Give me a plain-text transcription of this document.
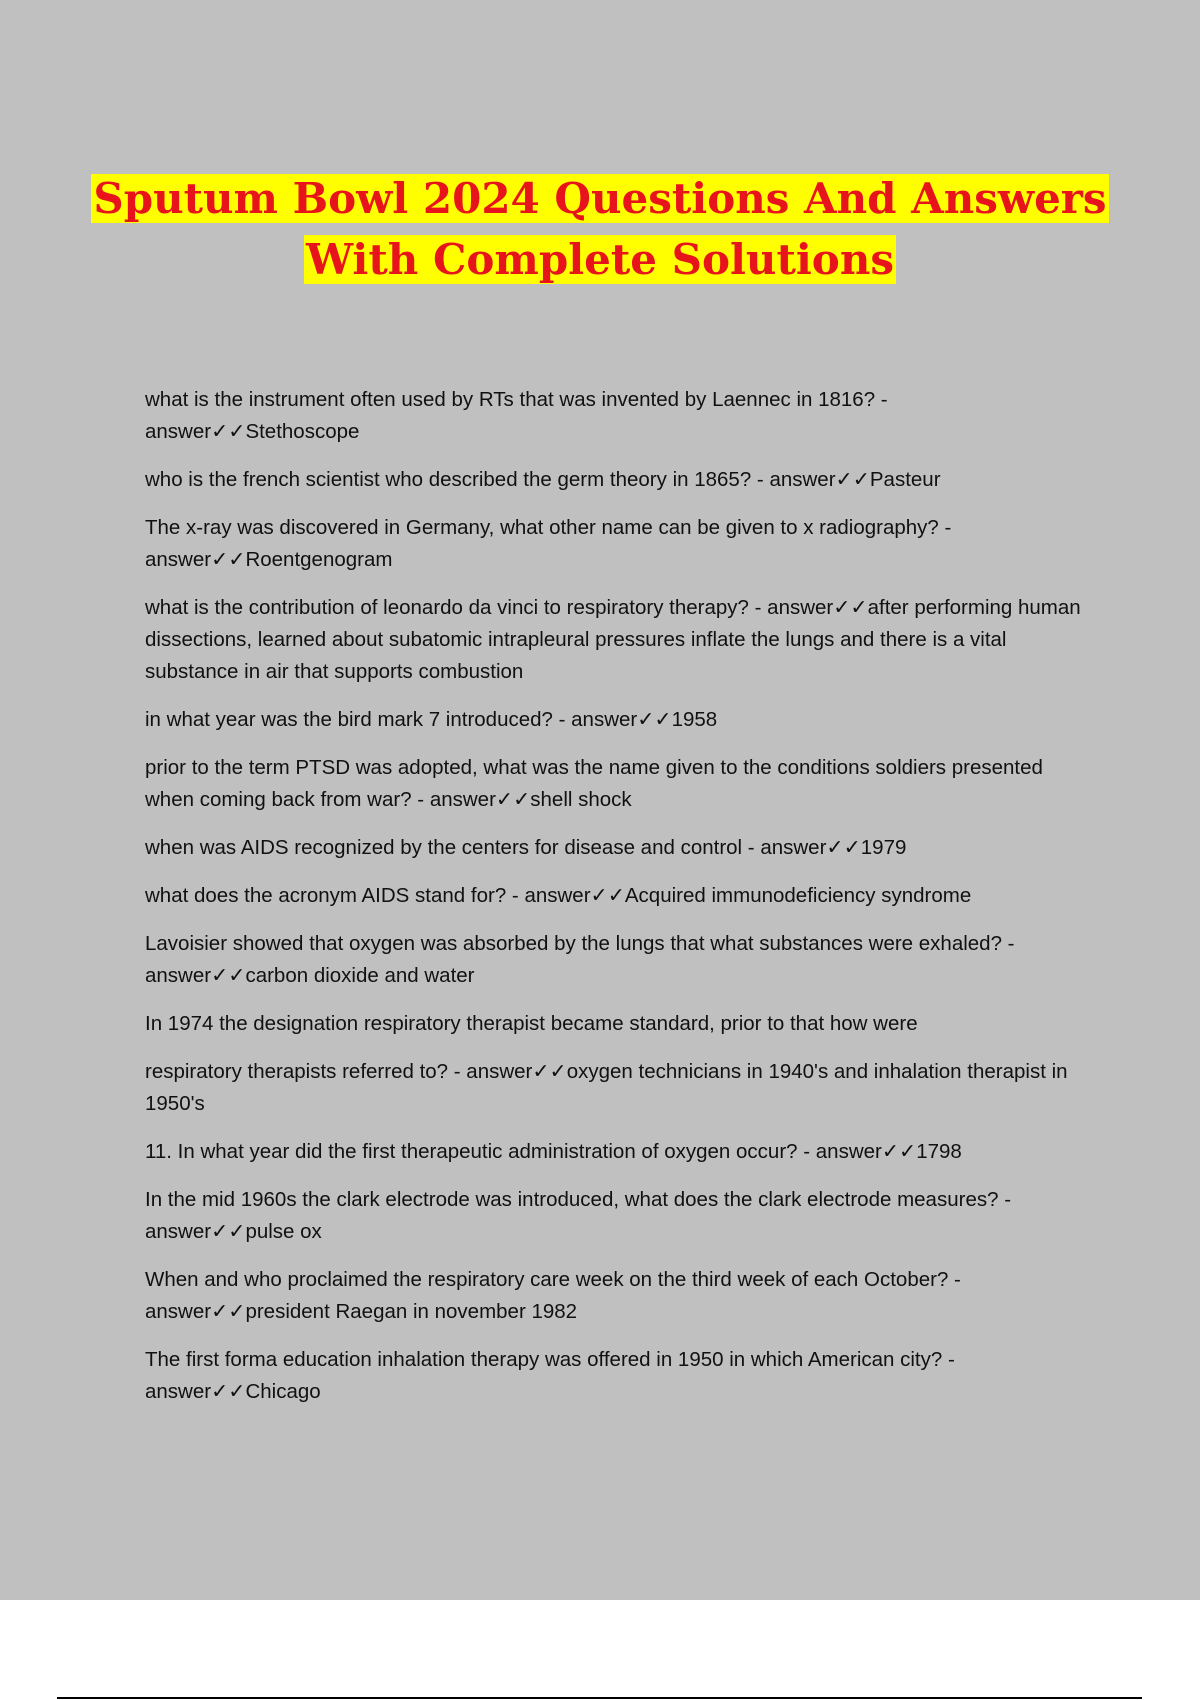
Sputum Bowl 2024 Questions And Answers
With Complete Solutions

what is the instrument often used by RTs that was invented by Laennec in 1816? - answer✓✓Stethoscope

who is the french scientist who described the germ theory in 1865? - answer✓✓Pasteur

The x-ray was discovered in Germany, what other name can be given to x radiography? - answer✓✓Roentgenogram

what is the contribution of leonardo da vinci to respiratory therapy? - answer✓✓after performing human dissections, learned about subatomic intrapleural pressures inflate the lungs and there is a vital substance in air that supports combustion

in what year was the bird mark 7 introduced? - answer✓✓1958

prior to the term PTSD was adopted, what was the name given to the conditions soldiers presented when coming back from war? - answer✓✓shell shock

when was AIDS recognized by the centers for disease and control - answer✓✓1979

what does the acronym AIDS stand for? - answer✓✓Acquired immunodeficiency syndrome

Lavoisier showed that oxygen was absorbed by the lungs that what substances were exhaled? - answer✓✓carbon dioxide and water

In 1974 the designation respiratory therapist became standard, prior to that how were

respiratory therapists referred to? - answer✓✓oxygen technicians in 1940's and inhalation therapist in 1950's

11. In what year did the first therapeutic administration of oxygen occur? - answer✓✓1798

In the mid 1960s the clark electrode was introduced, what does the clark electrode measures? - answer✓✓pulse ox

When and who proclaimed the respiratory care week on the third week of each October? - answer✓✓president Raegan in november 1982

The first forma education inhalation therapy was offered in 1950 in which American city? - answer✓✓Chicago
